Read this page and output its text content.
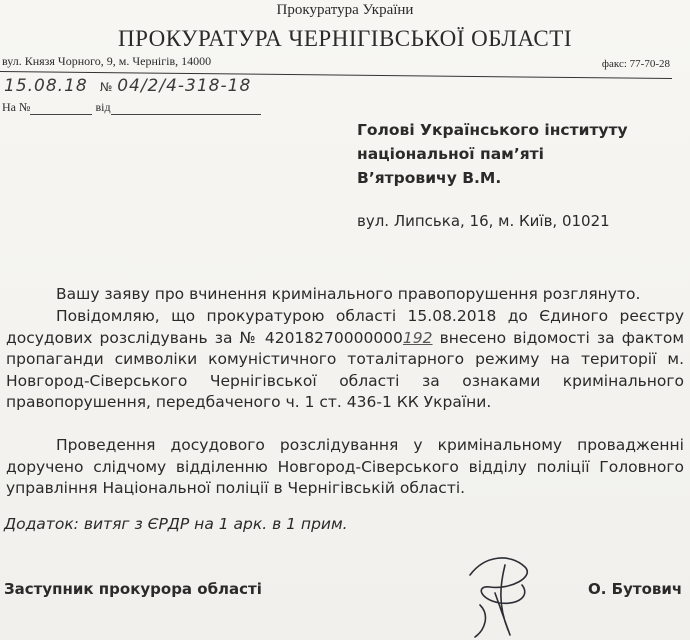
Прокуратура України
ПРОКУРАТУРА ЧЕРНІГІВСЬКОЇ ОБЛАСТІ
вул. Князя Чорного, 9, м. Чернігів, 14000	факс: 77-70-28
15.08.18 № 04/2/4-318-18
На №	від
Голові Українського інституту
національної пам’яті
В’ятровичу В.М.
вул. Липська, 16, м. Київ, 01021
Вашу заяву про вчинення кримінального правопорушення розглянуто.
Повідомляю, що прокуратурою області 15.08.2018 до Єдиного реєстру досудових розслідувань за № 42018270000000192 внесено відомості за фактом пропаганди символіки комуністичного тоталітарного режиму на території м. Новгород-Сіверського Чернігівської області за ознаками кримінального правопорушення, передбаченого ч. 1 ст. 436-1 КК України.
Проведення досудового розслідування у кримінальному провадженні доручено слідчому відділенню Новгород-Сіверського відділу поліції Головного управління Національної поліції в Чернігівській області.
Додаток: витяг з ЄРДР на 1 арк. в 1 прим.
Заступник прокурора області	О. Бутович
